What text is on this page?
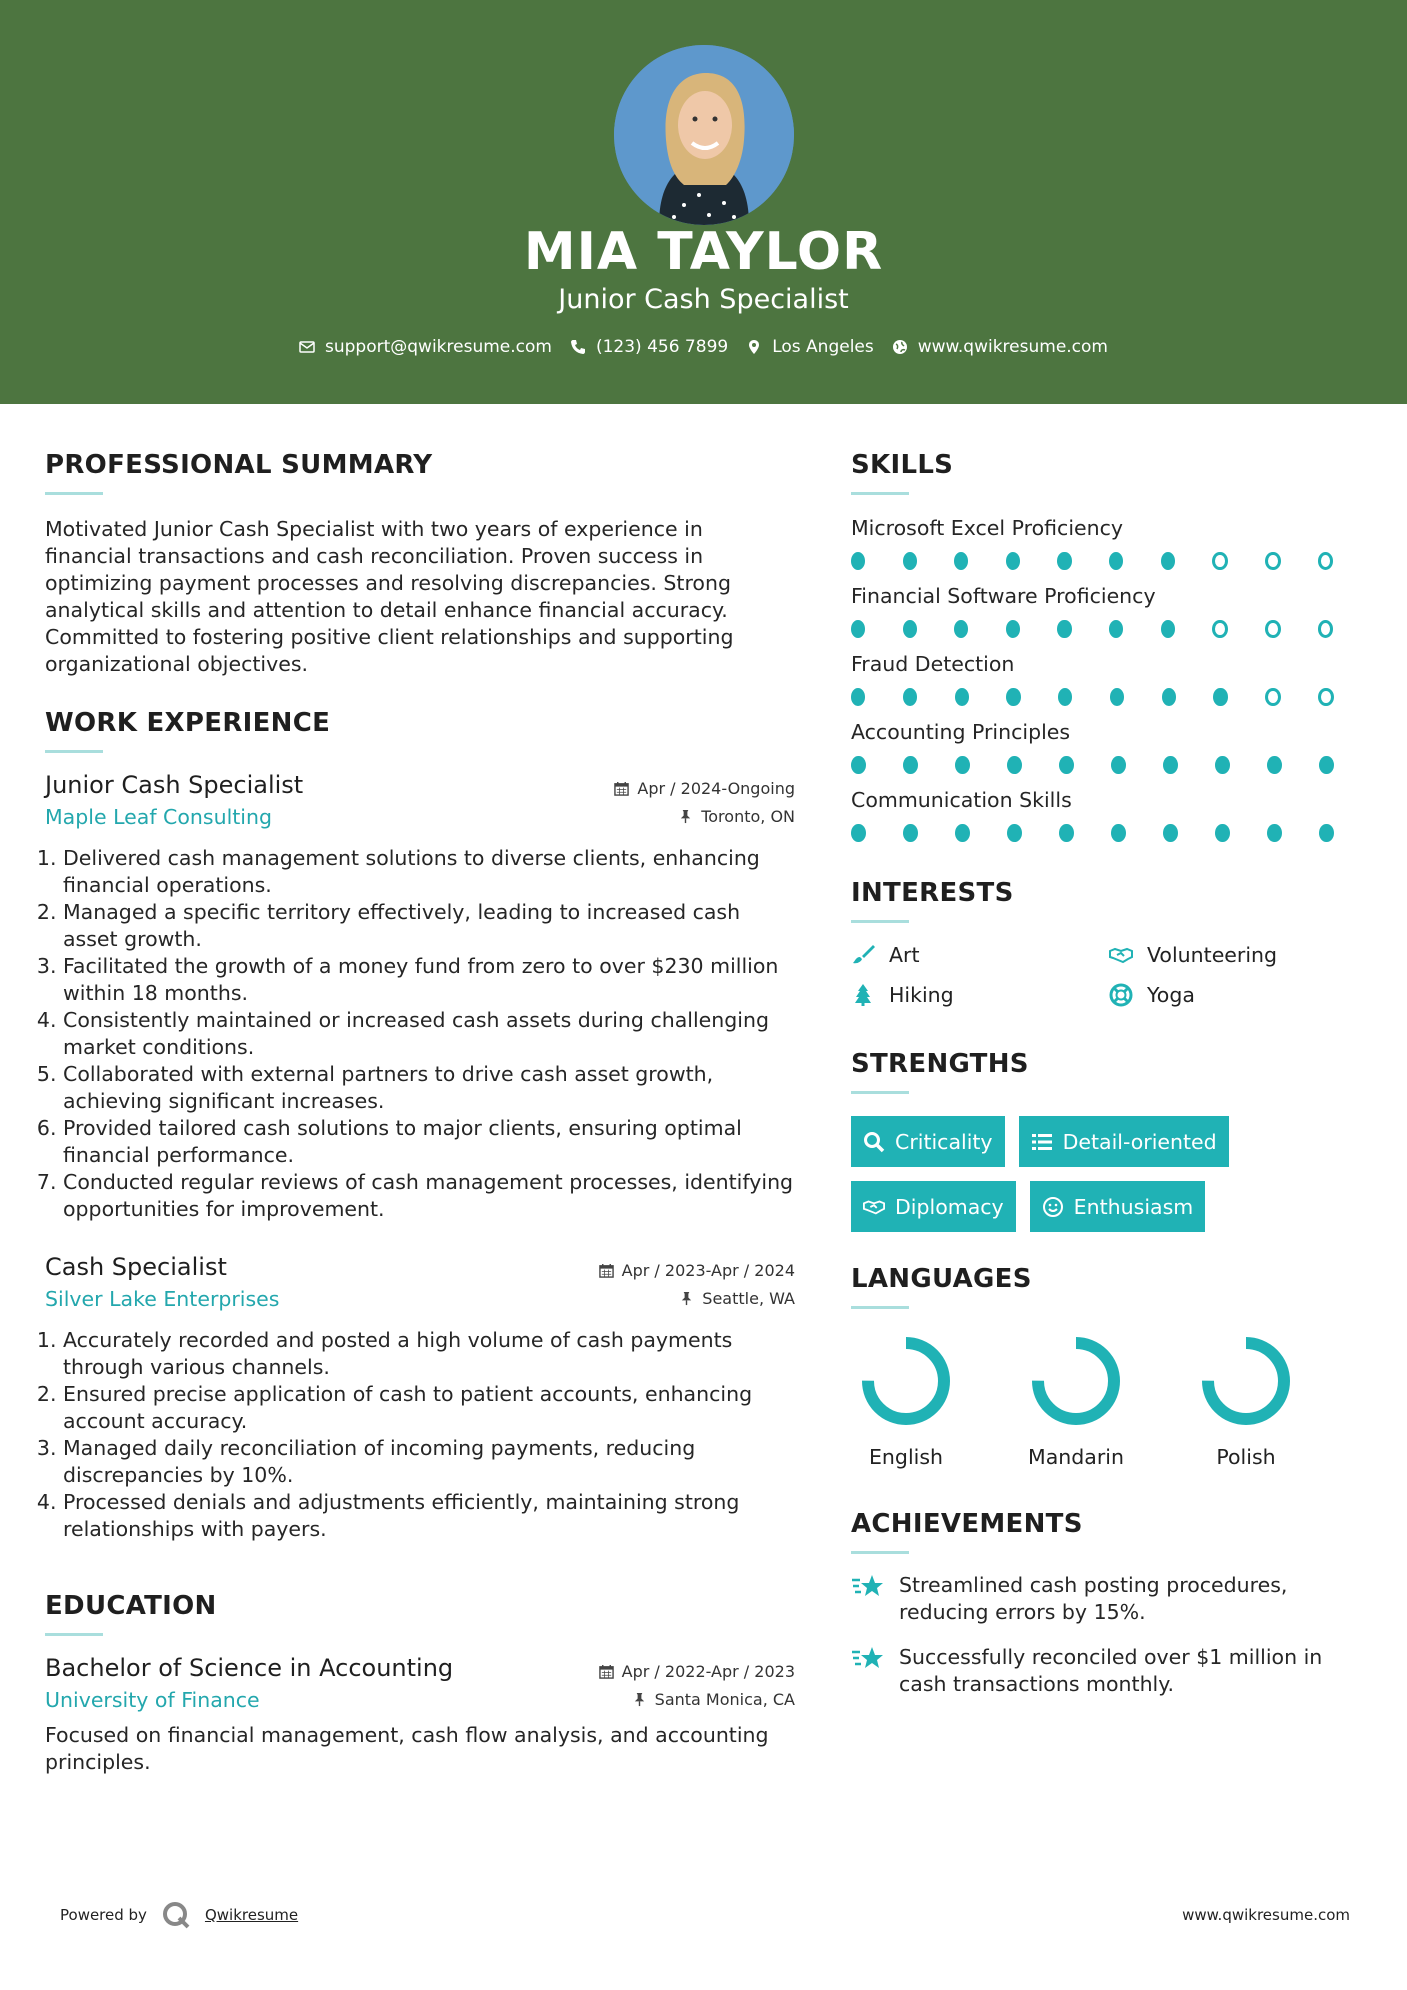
MIA TAYLOR
Junior Cash Specialist
support@qwikresume.com	(123) 456 7899	Los Angeles	www.qwikresume.com
PROFESSIONAL SUMMARY
Motivated Junior Cash Specialist with two years of experience in financial transactions and cash reconciliation. Proven success in optimizing payment processes and resolving discrepancies. Strong analytical skills and attention to detail enhance financial accuracy. Committed to fostering positive client relationships and supporting organizational objectives.
WORK EXPERIENCE
Junior Cash Specialist	Apr / 2024-Ongoing
Maple Leaf Consulting	Toronto, ON
1. Delivered cash management solutions to diverse clients, enhancing financial operations.
2. Managed a specific territory effectively, leading to increased cash asset growth.
3. Facilitated the growth of a money fund from zero to over $230 million within 18 months.
4. Consistently maintained or increased cash assets during challenging market conditions.
5. Collaborated with external partners to drive cash asset growth, achieving significant increases.
6. Provided tailored cash solutions to major clients, ensuring optimal financial performance.
7. Conducted regular reviews of cash management processes, identifying opportunities for improvement.
Cash Specialist	Apr / 2023-Apr / 2024
Silver Lake Enterprises	Seattle, WA
1. Accurately recorded and posted a high volume of cash payments through various channels.
2. Ensured precise application of cash to patient accounts, enhancing account accuracy.
3. Managed daily reconciliation of incoming payments, reducing discrepancies by 10%.
4. Processed denials and adjustments efficiently, maintaining strong relationships with payers.
EDUCATION
Bachelor of Science in Accounting	Apr / 2022-Apr / 2023
University of Finance	Santa Monica, CA
Focused on financial management, cash flow analysis, and accounting principles.
SKILLS
Microsoft Excel Proficiency
Financial Software Proficiency
Fraud Detection
Accounting Principles
Communication Skills
INTERESTS
Art	Volunteering
Hiking	Yoga
STRENGTHS
Criticality	Detail-oriented
Diplomacy	Enthusiasm
LANGUAGES
English	Mandarin	Polish
ACHIEVEMENTS
Streamlined cash posting procedures, reducing errors by 15%.
Successfully reconciled over $1 million in cash transactions monthly.
Powered by	Qwikresume	www.qwikresume.com
